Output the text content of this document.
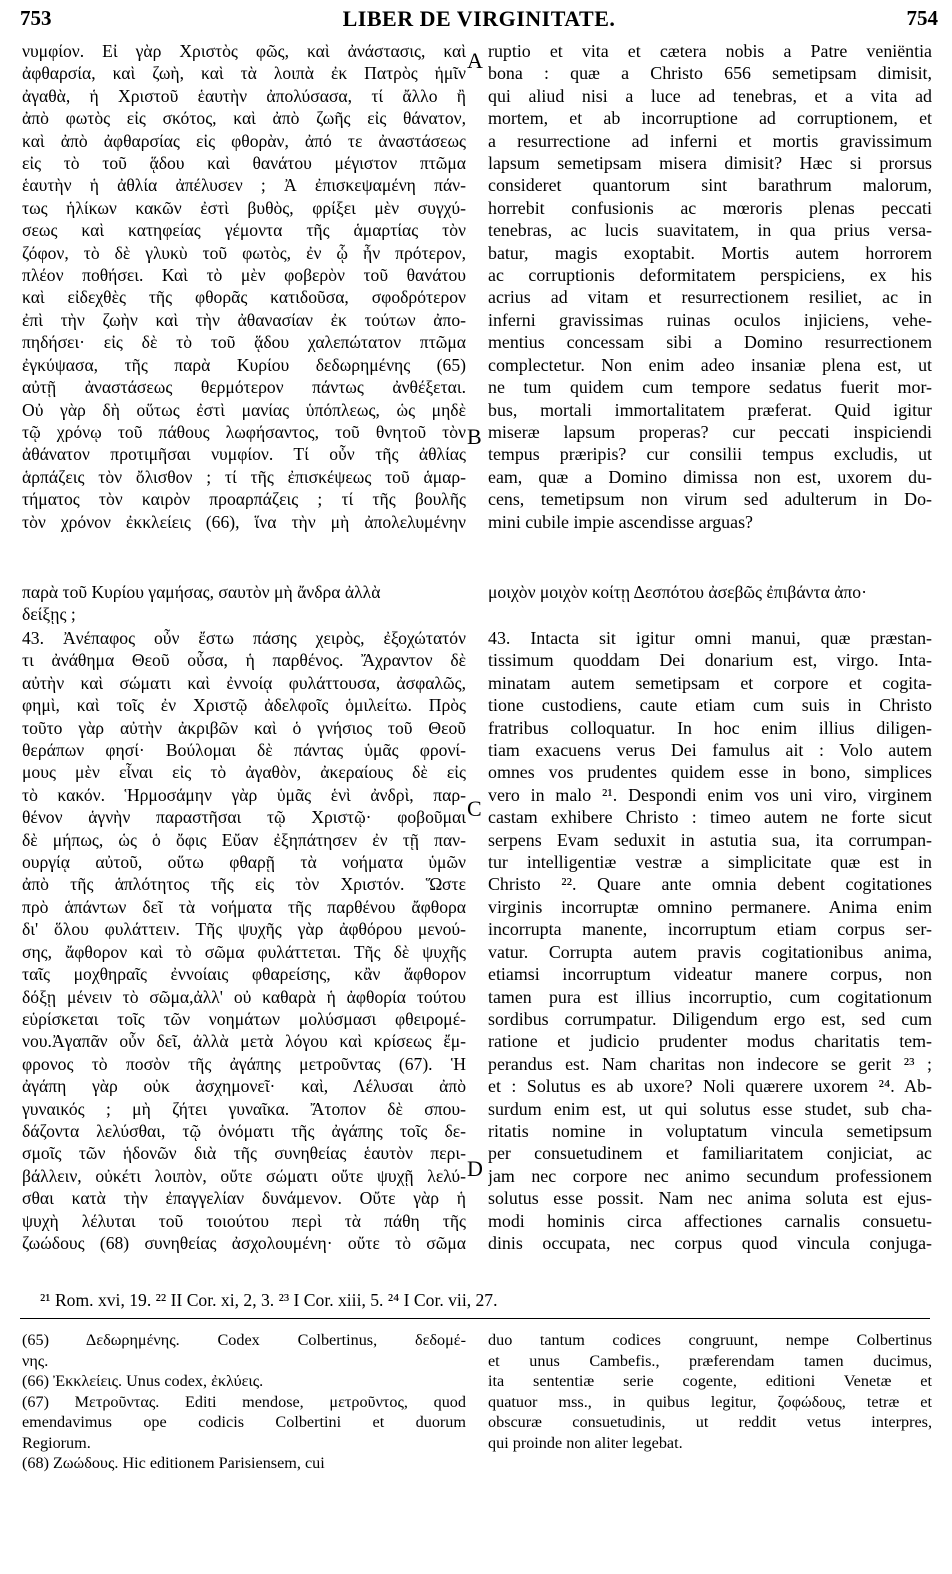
753	LIBER DE VIRGINITATE.	754
νυμφίον. Εἰ γὰρ Χριστὸς φῶς, καὶ ἀνάστασις, καὶ
ἀφθαρσία, καὶ ζωὴ, καὶ τὰ λοιπὰ ἐκ Πατρὸς ἡμῖν
ἀγαθὰ, ἡ Χριστοῦ ἑαυτὴν ἀπολύσασα, τί ἄλλο ἢ
ἀπὸ φωτὸς εἰς σκότος, καὶ ἀπὸ ζωῆς εἰς θάνατον,
καὶ ἀπὸ ἀφθαρσίας εἰς φθορὰν, ἀπό τε ἀναστάσεως
εἰς τὸ τοῦ ᾅδου καὶ θανάτου μέγιστον πτῶμα
ἑαυτὴν ἡ ἀθλία ἀπέλυσεν ; Ἀ ἐπισκεψαμένη πάν-
τως ἡλίκων κακῶν ἐστὶ βυθὸς, φρίξει μὲν συγχύ-
σεως καὶ κατηφείας γέμοντα τῆς ἁμαρτίας τὸν
ζόφον, τὸ δὲ γλυκὺ τοῦ φωτὸς, ἐν ᾧ ἦν πρότερον,
πλέον ποθήσει. Καὶ τὸ μὲν φοβερὸν τοῦ θανάτου
καὶ εἰδεχθὲς τῆς φθορᾶς κατιδοῦσα, σφοδρότερον
ἐπὶ τὴν ζωὴν καὶ τὴν ἀθανασίαν ἐκ τούτων ἀπο-
πηδήσει· εἰς δὲ τὸ τοῦ ᾅδου χαλεπώτατον πτῶμα
ἐγκύψασα, τῆς παρὰ Κυρίου δεδωρημένης (65)
αὐτῇ ἀναστάσεως θερμότερον πάντως ἀνθέξεται.
Οὐ γὰρ δὴ οὕτως ἐστὶ μανίας ὑπόπλεως, ὡς μηδὲ
τῷ χρόνῳ τοῦ πάθους λωφήσαντος, τοῦ θνητοῦ τὸν
ἀθάνατον προτιμῆσαι νυμφίον. Τί οὖν τῆς ἀθλίας
ἁρπάζεις τὸν ὄλισθον ; τί τῆς ἐπισκέψεως τοῦ ἁμαρ-
τήματος τὸν καιρὸν προαρπάζεις ; τί τῆς βουλῆς
τὸν χρόνον ἐκκλείεις (66), ἵνα τὴν μὴ ἀπολελυμένην
ruptio et vita et cætera nobis a Patre veniëntia
bona : quæ a Christo 656 semetipsam dimisit,
qui aliud nisi a luce ad tenebras, et a vita ad
mortem, et ab incorruptione ad corruptionem, et
a resurrectione ad inferni et mortis gravissimum
lapsum semetipsam misera dimisit? Hæc si prorsus
consideret quantorum sint barathrum malorum,
horrebit confusionis ac mœroris plenas peccati
tenebras, ac lucis suavitatem, in qua prius versa-
batur, magis exoptabit. Mortis autem horrorem
ac corruptionis deformitatem perspiciens, ex his
acrius ad vitam et resurrectionem resiliet, ac in
inferni gravissimas ruinas oculos injiciens, vehe-
mentius concessam sibi a Domino resurrectionem
complectetur. Non enim adeo insaniæ plena est, ut
ne tum quidem cum tempore sedatus fuerit mor-
bus, mortali immortalitatem præferat. Quid igitur
miseræ lapsum properas? cur peccati inspiciendi
tempus præripis? cur consilii tempus excludis, ut
eam, quæ a Domino dimissa non est, uxorem du-
cens, temetipsum non virum sed adulterum in Do-
mini cubile impie ascendisse arguas?
A
B
C
D
παρὰ τοῦ Κυρίου γαμήσας, σαυτὸν μὴ ἄνδρα ἀλλὰ	μοιχὸν μοιχὸν κοίτῃ Δεσπότου ἀσεβῶς ἐπιβάντα ἀπο·
δείξῃς ;
43. Ἀνέπαφος οὖν ἔστω πάσης χειρὸς, ἐξοχώτατόν
τι ἀνάθημα Θεοῦ οὖσα, ἡ παρθένος. Ἄχραντον δὲ
αὐτὴν καὶ σώματι καὶ ἐννοίᾳ φυλάττουσα, ἀσφαλῶς,
φημὶ, καὶ τοῖς ἐν Χριστῷ ἀδελφοῖς ὁμιλείτω. Πρὸς
τοῦτο γὰρ αὐτὴν ἀκριβῶν καὶ ὁ γνήσιος τοῦ Θεοῦ
θεράπων φησί· Βούλομαι δὲ πάντας ὑμᾶς φρονί-
μους μὲν εἶναι εἰς τὸ ἀγαθὸν, ἀκεραίους δὲ εἰς
τὸ κακόν. Ἡρμοσάμην γὰρ ὑμᾶς ἑνὶ ἀνδρὶ, παρ-
θένον ἁγνὴν παραστῆσαι τῷ Χριστῷ· φοβοῦμαι
δὲ μήπως, ὡς ὁ ὄφις Εὔαν ἐξηπάτησεν ἐν τῇ παν-
ουργίᾳ αὐτοῦ, οὕτω φθαρῇ τὰ νοήματα ὑμῶν
ἀπὸ τῆς ἁπλότητος τῆς εἰς τὸν Χριστόν. Ὥστε
πρὸ ἁπάντων δεῖ τὰ νοήματα τῆς παρθένου ἄφθορα
δι' ὅλου φυλάττειν. Τῆς ψυχῆς γὰρ ἀφθόρου μενού-
σης, ἄφθορον καὶ τὸ σῶμα φυλάττεται. Τῆς δὲ ψυχῆς
ταῖς μοχθηραῖς ἐννοίαις φθαρείσης, κἂν ἄφθορον
δόξῃ μένειν τὸ σῶμα,ἀλλ' οὐ καθαρὰ ἡ ἀφθορία τούτου
εὑρίσκεται τοῖς τῶν νοημάτων μολύσμασι φθειρομέ-
νου.Ἀγαπᾶν οὖν δεῖ, ἀλλὰ μετὰ λόγου καὶ κρίσεως ἔμ-
φρονος τὸ ποσὸν τῆς ἀγάπης μετροῦντας (67). Ἡ
ἀγάπη γὰρ οὐκ ἀσχημονεῖ· καὶ, Λέλυσαι ἀπὸ
γυναικός ; μὴ ζήτει γυναῖκα. Ἄτοπον δὲ σπου-
δάζοντα λελύσθαι, τῷ ὀνόματι τῆς ἀγάπης τοῖς δε-
σμοῖς τῶν ἡδονῶν διὰ τῆς συνηθείας ἑαυτὸν περι-
βάλλειν, οὐκέτι λοιπὸν, οὔτε σώματι οὔτε ψυχῇ λελύ-
σθαι κατὰ τὴν ἐπαγγελίαν δυνάμενον. Οὔτε γὰρ ἡ
ψυχὴ λέλυται τοῦ τοιούτου περὶ τὰ πάθη τῆς
ζωώδους (68) συνηθείας ἀσχολουμένη· οὔτε τὸ σῶμα
43. Intacta sit igitur omni manui, quæ præstan-
tissimum quoddam Dei donarium est, virgo. Inta-
minatam autem semetipsam et corpore et cogita-
tione custodiens, caute etiam cum suis in Christo
fratribus colloquatur. In hoc enim illius diligen-
tiam exacuens verus Dei famulus ait : Volo autem
omnes vos prudentes quidem esse in bono, simplices
vero in malo ²¹. Despondi enim vos uni viro, virginem
castam exhibere Christo : timeo autem ne forte sicut
serpens Evam seduxit in astutia sua, ita corrumpan-
tur intelligentiæ vestræ a simplicitate quæ est in
Christo ²². Quare ante omnia debent cogitationes
virginis incorruptæ omnino permanere. Anima enim
incorrupta manente, incorruptum etiam corpus ser-
vatur. Corrupta autem pravis cogitationibus anima,
etiamsi incorruptum videatur manere corpus, non
tamen pura est illius incorruptio, cum cogitationum
sordibus corrumpatur. Diligendum ergo est, sed cum
ratione et judicio prudenter modus charitatis tem-
perandus est. Nam charitas non indecore se gerit ²³ ;
et : Solutus es ab uxore? Noli quærere uxorem ²⁴. Ab-
surdum enim est, ut qui solutus esse studet, sub cha-
ritatis nomine in voluptatum vincula semetipsum
per consuetudinem et familiaritatem conjiciat, ac
jam nec corpore nec animo secundum professionem
solutus esse possit. Nam nec anima soluta est ejus-
modi hominis circa affectiones carnalis consuetu-
dinis occupata, nec corpus quod vincula conjuga-
²¹ Rom. xvi, 19. ²² II Cor. xi, 2, 3. ²³ I Cor. xiii, 5. ²⁴ I Cor. vii, 27.
(65) Δεδωρημένης. Codex Colbertinus, δεδομέ-
νης.
(66) Ἐκκλείεις. Unus codex, ἐκλύεις.
(67) Μετροῦντας. Editi mendose, μετροῦντος, quod
emendavimus ope codicis Colbertini et duorum
Regiorum.
(68) Ζωώδους. Hic editionem Parisiensem, cui
duo tantum codices congruunt, nempe Colbertinus
et unus Cambefis., præferendam tamen ducimus,
ita sententiæ serie cogente, editioni Venetæ et
quatuor mss., in quibus legitur, ζοφώδους, tetræ et
obscuræ consuetudinis, ut reddit vetus interpres,
qui proinde non aliter legebat.
